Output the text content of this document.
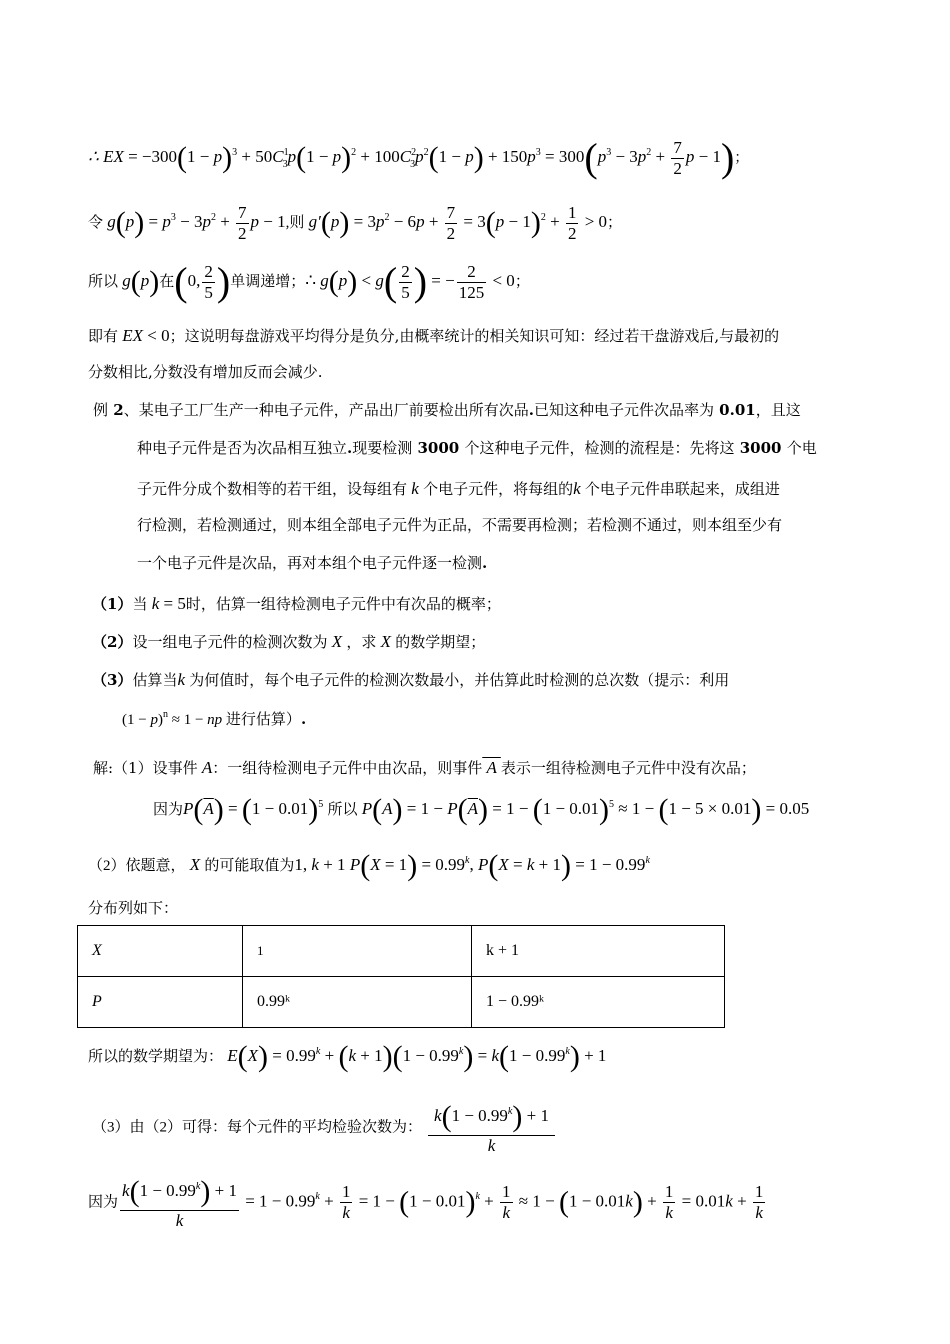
∴ EX = $-300(1 - p)^3 + 50C^1_3p(1 - p)^2 + 100C^2_3p^2(1 - p) + 150p^3 = 300(p^3 - 3p^2 + \frac{7}{2}$ p − 1)；
令 $g(p) = p^3 - 3p^2 + \frac{7}{2}$ p − 1,则 $g'(p) = 3p^2 - 6p + \frac{7}{2} = 3(p - 1)^2 + \frac{1}{2} > 0$；
所以 g(p)在(0, $\frac{2}{5}$ )单调递增；∴ $g(p) < g( \frac{2}{5}$ ) = − $\frac{2}{125} < 0$；
即有 EX < 0；这说明每盘游戏平均得分是负分,由概率统计的相关知识可知：经过若干盘游戏后,与最初的
分数相比,分数没有增加反而会减少.
例 2、某电子工厂生产一种电子元件，产品出厂前要检出所有次品.已知这种电子元件次品率为 0.01，且这
种电子元件是否为次品相互独立.现要检测 3000 个这种电子元件，检测的流程是：先将这 3000 个电
子元件分成个数相等的若干组，设每组有 k 个电子元件，将每组的k 个电子元件串联起来，成组进
行检测，若检测通过，则本组全部电子元件为正品，不需要再检测；若检测不通过，则本组至少有
一个电子元件是次品，再对本组个电子元件逐一检测.
（1）当 k = 5时，估算一组待检测电子元件中有次品的概率；
（2）设一组电子元件的检测次数为 X ，求 X 的数学期望；
（3）估算当k 为何值时，每个电子元件的检测次数最小，并估算此时检测的总次数（提示：利用
$(1 - p)^n \approx 1$ − np 进行估算）.
解:（1）设事件 A：一组待检测电子元件中由次品，则事件 A 表示一组待检测电子元件中没有次品；
因为$P(\overline{A}) = (1 - 0.01)^5$ 所以 $P(A) = 1 - P(\overline{A}) = 1 - (1 - 0.01)^5 \approx 1 - (1 - 5 \times 0.01) = 0.05$
（2）依题意， X 的可能取值为1, k + 1 $P(X = 1) = 0.99^k$, $P(X = k + 1) = 1 - 0.99^k$
分布列如下：
X	1	k + 1
P	0.99ᵏ	1 − 0.99ᵏ
所以的数学期望为： $E(X) = 0.99^k + (k + 1)(1 - 0.99^k) = k(1 - 0.99^k) + 1$
（3）由（2）可得：每个元件的平均检验次数为： $\frac{k(1 - 0.99^k) + 1}{k}$
因为 $\frac{k(1 - 0.99^k) + 1}{k} = 1 - 0.99^k + \frac{1}{k} = 1 - (1 - 0.01)^k + \frac{1}{k} \approx 1 - (1 - 0.01k) + \frac{1}{k} = 0.01k + \frac{1}{k}$
